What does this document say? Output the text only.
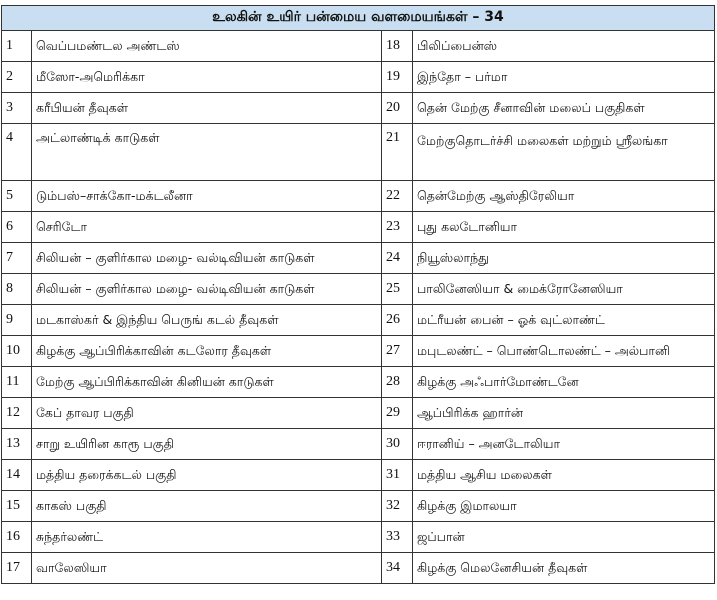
உலகின் உயிர் பன்மைய வளமையங்கள் – 34			
1	வெப்பமண்டல அண்டஸ்	18	பிலிப்பைன்ஸ்
2	மீஸோ-அமெரிக்கா	19	இந்தோ – பர்மா
3	கரீபியன் தீவுகள்	20	தென் மேற்கு சீனாவின் மலைப் பகுதிகள்
4	அட்லாண்டிக் காடுகள்	21	மேற்குதொடர்ச்சி மலைகள் மற்றும் ஸ்ரீலங்கா
5	டும்பஸ்–சாக்கோ-மக்டலீனா	22	தென்மேற்கு ஆஸ்திரேலியா
6	செரிடோ	23	புது கலடோனியா
7	சிலியன் – குளிர்கால மழை- வல்டிவியன் காடுகள்	24	நியூஸ்லாந்து
8	சிலியன் – குளிர்கால மழை- வல்டிவியன் காடுகள்	25	பாலினேஸியா & மைக்ரோனேஸியா
9	மடகாஸ்கர் & இந்திய பெருங் கடல் தீவுகள்	26	மட்ரீயன் பைன் – ஓக் வுட்லாண்ட்
10	கிழக்கு ஆப்பிரிக்காவின் கடலோர தீவுகள்	27	மபுடலண்ட் – பொண்டொலண்ட் – அல்பானி
11	மேற்கு ஆப்பிரிக்காவின் கினியன் காடுகள்	28	கிழக்கு அஃபார்மோண்டனே
12	கேப் தாவர பகுதி	29	ஆப்பிரிக்க ஹார்ன்
13	சாறு உயிரின காரூ பகுதி	30	ஈரானிய் – அனடோலியா
14	மத்திய தரைக்கடல் பகுதி	31	மத்திய ஆசிய மலைகள்
15	காகஸ் பகுதி	32	கிழக்கு இமாலயா
16	சுந்தர்லண்ட்	33	ஜப்பான்
17	வாலேஸியா	34	கிழக்கு மெலனேசியன் தீவுகள்
